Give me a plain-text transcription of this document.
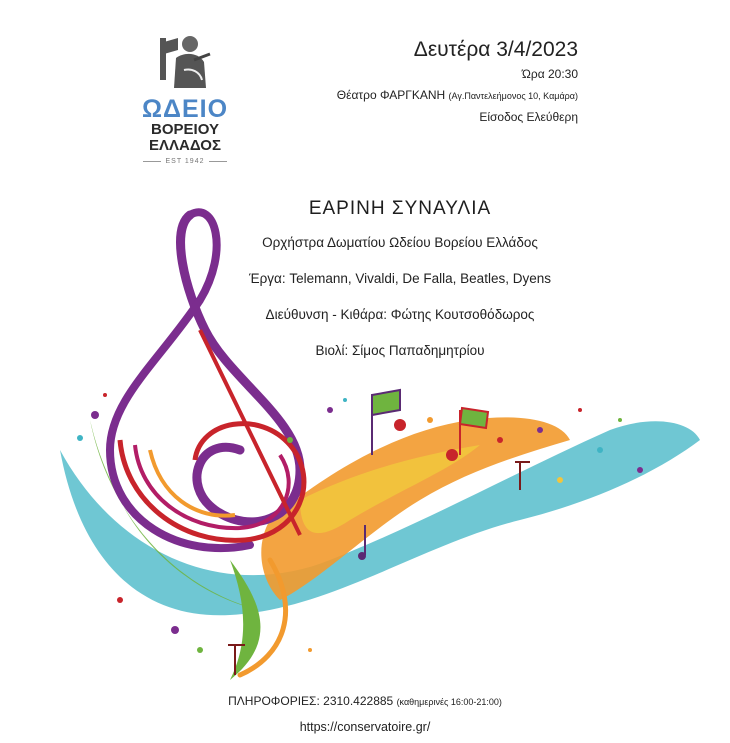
ΩΔΕΙΟ
ΒΟΡΕΙΟΥ
ΕΛΛΑΔΟΣ
EST 1942
Δευτέρα 3/4/2023
Ώρα 20:30
Θέατρο ΦΑΡΓΚΑΝΗ (Αγ.Παντελεήμονος 10, Καμάρα)
Είσοδος Ελεύθερη
ΕΑΡΙΝΗ ΣΥΝΑΥΛΙΑ
Ορχήστρα Δωματίου Ωδείου Βορείου Ελλάδος
Έργα: Telemann, Vivaldi, De Falla, Beatles, Dyens
Διεύθυνση - Κιθάρα: Φώτης Κουτσοθόδωρος
Βιολί: Σίμος Παπαδημητρίου
ΠΛΗΡΟΦΟΡΙΕΣ: 2310.422885 (καθημερινές 16:00-21:00)
https://conservatoire.gr/
